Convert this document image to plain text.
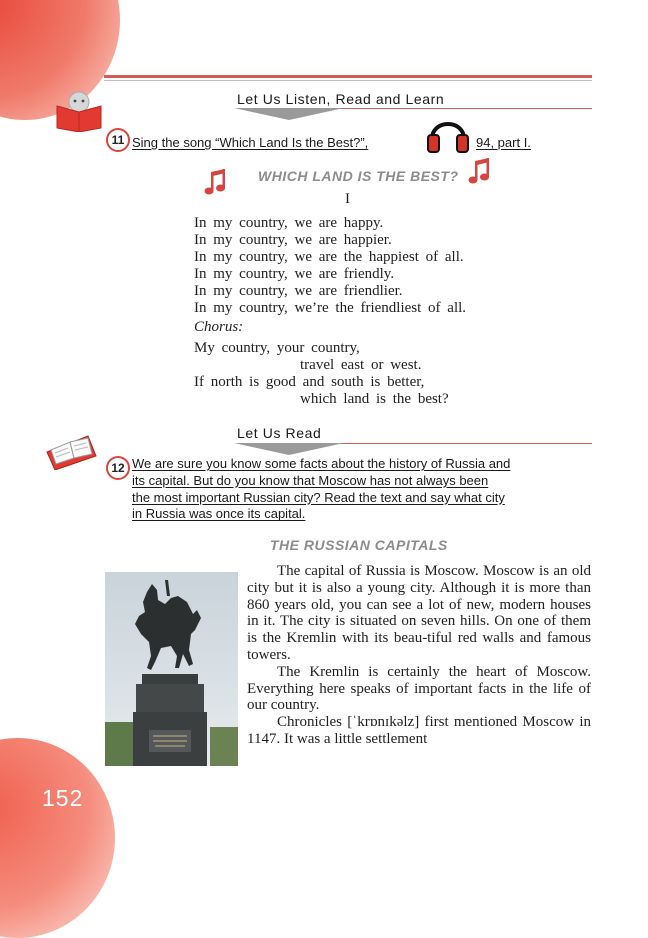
Let Us Listen, Read and Learn
11 Sing the song “Which Land Is the Best?”,	94, part I.
WHICH LAND IS THE BEST?
I
In my country, we are happy.
In my country, we are happier.
In my country, we are the happiest of all.
In my country, we are friendly.
In my country, we are friendlier.
In my country, we’re the friendliest of all.
Chorus:
My country, your country,
travel east or west.
If north is good and south is better,
which land is the best?
Let Us Read
12 We are sure you know some facts about the history of Russia and
its capital. But do you know that Moscow has not always been
the most important Russian city? Read the text and say what city
in Russia was once its capital.
THE RUSSIAN CAPITALS

The capital of Russia is Moscow. Moscow is an old city but it is also a young city. Although it is more than 860 years old, you can see a lot of new, modern houses in it. The city is situated on seven hills. On one of them is the Kremlin with its beau-tiful red walls and famous towers.

The Kremlin is certainly the heart of Moscow. Everything here speaks of important facts in the life of our country.

Chronicles [ˈkrɒnɪkəlz] first mentioned Moscow in 1147. It was a little settlement

152
